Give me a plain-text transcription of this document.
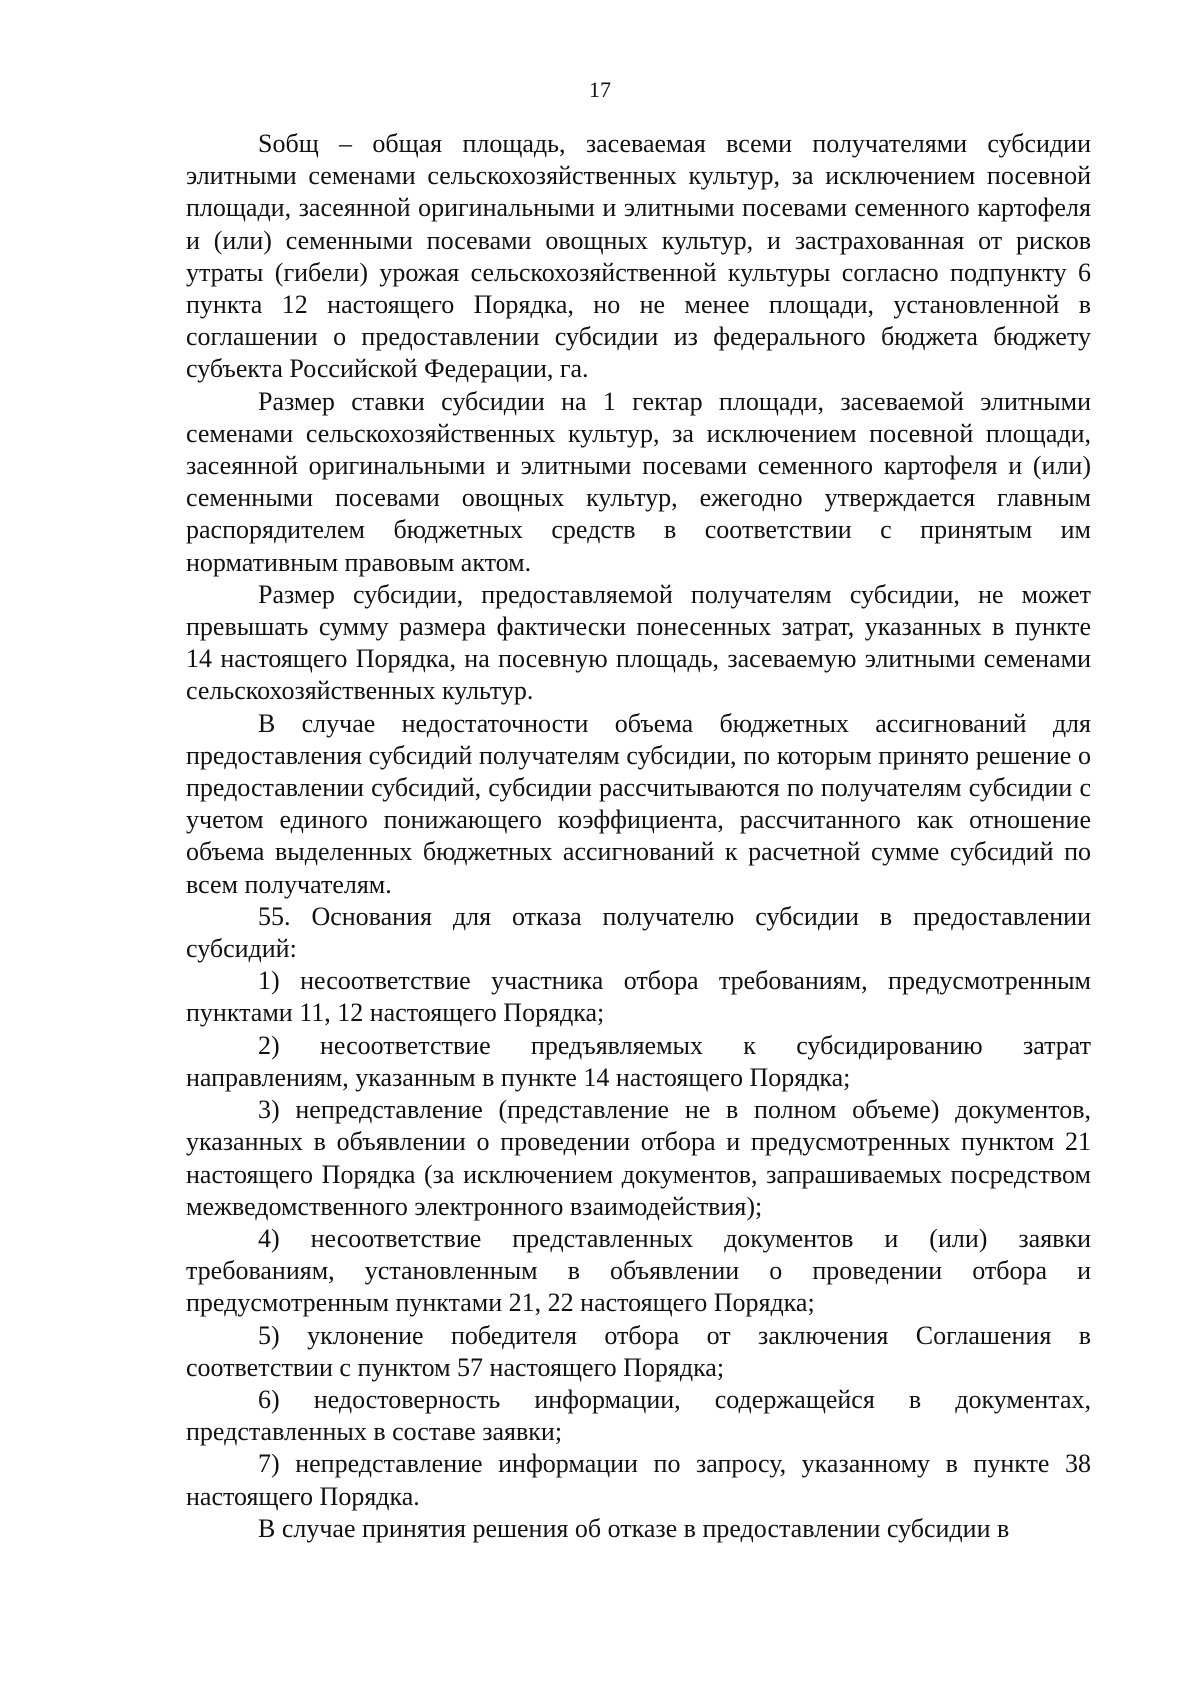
17

Sобщ – общая площадь, засеваемая всеми получателями субсидии элитными семенами сельскохозяйственных культур, за исключением посевной площади, засеянной оригинальными и элитными посевами семенного картофеля и (или) семенными посевами овощных культур, и застрахованная от рисков утраты (гибели) урожая сельскохозяйственной культуры согласно подпункту 6 пункта 12 настоящего Порядка, но не менее площади, установленной в соглашении о предоставлении субсидии из федерального бюджета бюджету субъекта Российской Федерации, га.

Размер ставки субсидии на 1 гектар площади, засеваемой элитными семенами сельскохозяйственных культур, за исключением посевной площади, засеянной оригинальными и элитными посевами семенного картофеля и (или) семенными посевами овощных культур, ежегодно утверждается главным распорядителем бюджетных средств в соответствии с принятым им нормативным правовым актом.

Размер субсидии, предоставляемой получателям субсидии, не может превышать сумму размера фактически понесенных затрат, указанных в пункте 14 настоящего Порядка, на посевную площадь, засеваемую элитными семенами сельскохозяйственных культур.

В случае недостаточности объема бюджетных ассигнований для предоставления субсидий получателям субсидии, по которым принято решение о предоставлении субсидий, субсидии рассчитываются по получателям субсидии с учетом единого понижающего коэффициента, рассчитанного как отношение объема выделенных бюджетных ассигнований к расчетной сумме субсидий по всем получателям.

55. Основания для отказа получателю субсидии в предоставлении субсидий:

1) несоответствие участника отбора требованиям, предусмотренным пунктами 11, 12 настоящего Порядка;

2) несоответствие предъявляемых к субсидированию затрат направлениям, указанным в пункте 14 настоящего Порядка;

3) непредставление (представление не в полном объеме) документов, указанных в объявлении о проведении отбора и предусмотренных пунктом 21 настоящего Порядка (за исключением документов, запрашиваемых посредством межведомственного электронного взаимодействия);

4) несоответствие представленных документов и (или) заявки требованиям, установленным в объявлении о проведении отбора и предусмотренным пунктами 21, 22 настоящего Порядка;

5) уклонение победителя отбора от заключения Соглашения в соответствии с пунктом 57 настоящего Порядка;

6) недостоверность информации, содержащейся в документах, представленных в составе заявки;

7) непредставление информации по запросу, указанному в пункте 38 настоящего Порядка.

В случае принятия решения об отказе в предоставлении субсидии в
